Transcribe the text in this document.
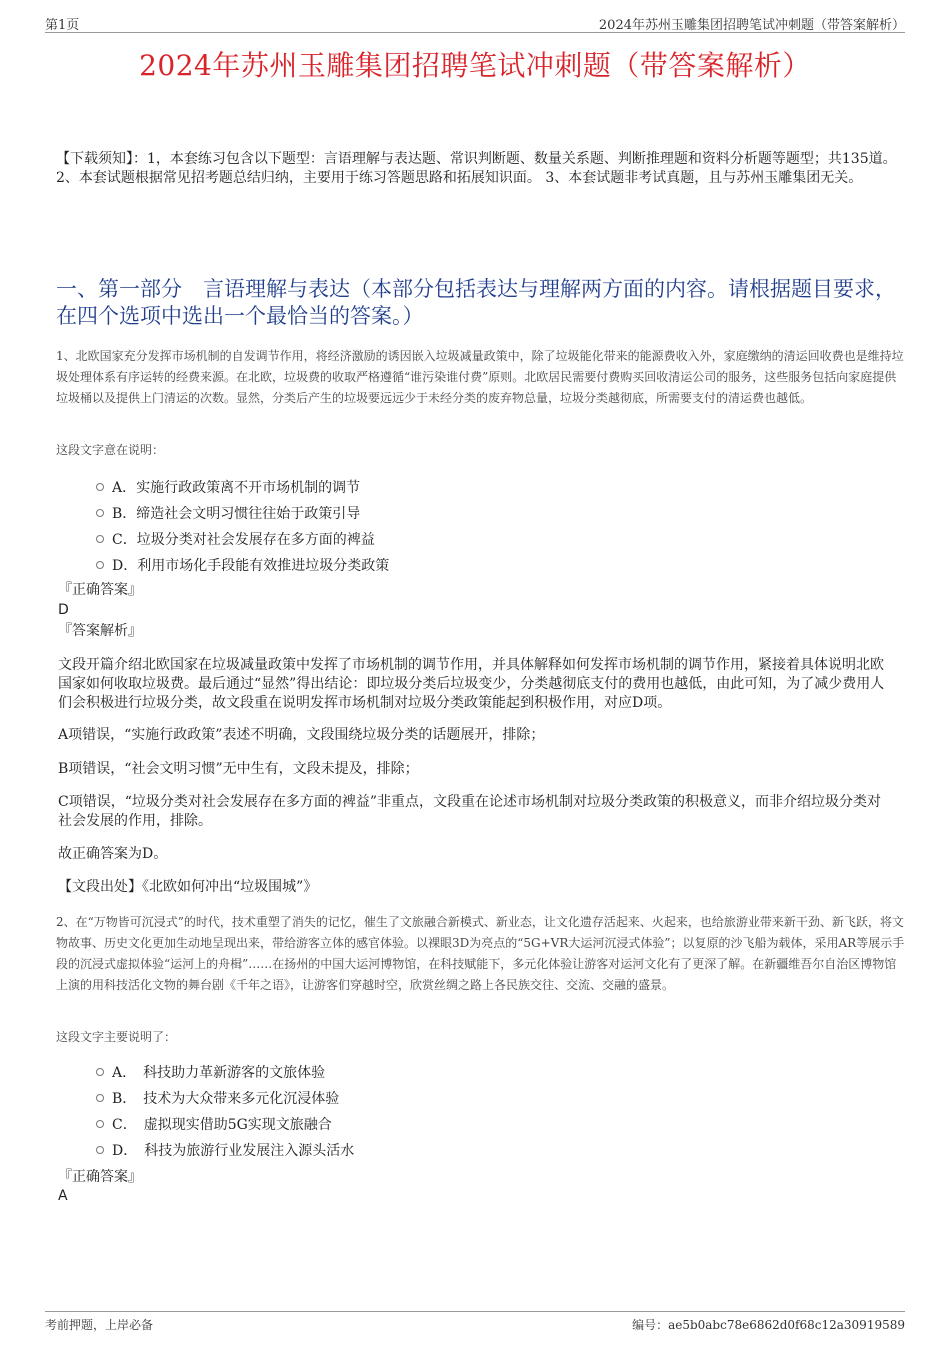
第1页	2024年苏州玉雕集团招聘笔试冲刺题（带答案解析）
2024年苏州玉雕集团招聘笔试冲刺题（带答案解析）
【下载须知】：1，本套练习包含以下题型：言语理解与表达题、常识判断题、数量关系题、判断推理题和资料分析题等题型；共135道。 2、本套试题根据常见招考题总结归纳，主要用于练习答题思路和拓展知识面。 3、本套试题非考试真题，且与苏州玉雕集团无关。
一、第一部分　言语理解与表达（本部分包括表达与理解两方面的内容。请根据题目要求，在四个选项中选出一个最恰当的答案。）
1、北欧国家充分发挥市场机制的自发调节作用，将经济激励的诱因嵌入垃圾减量政策中，除了垃圾能化带来的能源费收入外，家庭缴纳的清运回收费也是维持垃圾处理体系有序运转的经费来源。在北欧，垃圾费的收取严格遵循“谁污染谁付费”原则。北欧居民需要付费购买回收清运公司的服务，这些服务包括向家庭提供垃圾桶以及提供上门清运的次数。显然，分类后产生的垃圾要远远少于未经分类的废弃物总量，垃圾分类越彻底，所需要支付的清运费也越低。
这段文字意在说明：
A．实施行政政策离不开市场机制的调节
B．缔造社会文明习惯往往始于政策引导
C．垃圾分类对社会发展存在多方面的裨益
D．利用市场化手段能有效推进垃圾分类政策
『正确答案』
D
『答案解析』
文段开篇介绍北欧国家在垃圾减量政策中发挥了市场机制的调节作用，并具体解释如何发挥市场机制的调节作用，紧接着具体说明北欧国家如何收取垃圾费。最后通过“显然”得出结论：即垃圾分类后垃圾变少，分类越彻底支付的费用也越低，由此可知，为了减少费用人们会积极进行垃圾分类，故文段重在说明发挥市场机制对垃圾分类政策能起到积极作用，对应D项。
A项错误，“实施行政政策”表述不明确，文段围绕垃圾分类的话题展开，排除；
B项错误，“社会文明习惯”无中生有，文段未提及，排除；
C项错误，“垃圾分类对社会发展存在多方面的裨益”非重点，文段重在论述市场机制对垃圾分类政策的积极意义，而非介绍垃圾分类对社会发展的作用，排除。
故正确答案为D。
【文段出处】《北欧如何冲出“垃圾围城”》
2、在“万物皆可沉浸式”的时代，技术重塑了消失的记忆，催生了文旅融合新模式、新业态，让文化遗存活起来、火起来，也给旅游业带来新干劲、新飞跃，将文物故事、历史文化更加生动地呈现出来，带给游客立体的感官体验。以裸眼3D为亮点的“5G+VR大运河沉浸式体验”；以复原的沙飞船为载体，采用AR等展示手段的沉浸式虚拟体验“运河上的舟楫”……在扬州的中国大运河博物馆，在科技赋能下，多元化体验让游客对运河文化有了更深了解。在新疆维吾尔自治区博物馆上演的用科技活化文物的舞台剧《千年之语》，让游客们穿越时空，欣赏丝绸之路上各民族交往、交流、交融的盛景。
这段文字主要说明了：
A．　科技助力革新游客的文旅体验
B．　技术为大众带来多元化沉浸体验
C．　虚拟现实借助5G实现文旅融合
D．　科技为旅游行业发展注入源头活水
『正确答案』
A
考前押题，上岸必备	编号：ae5b0abc78e6862d0f68c12a30919589
